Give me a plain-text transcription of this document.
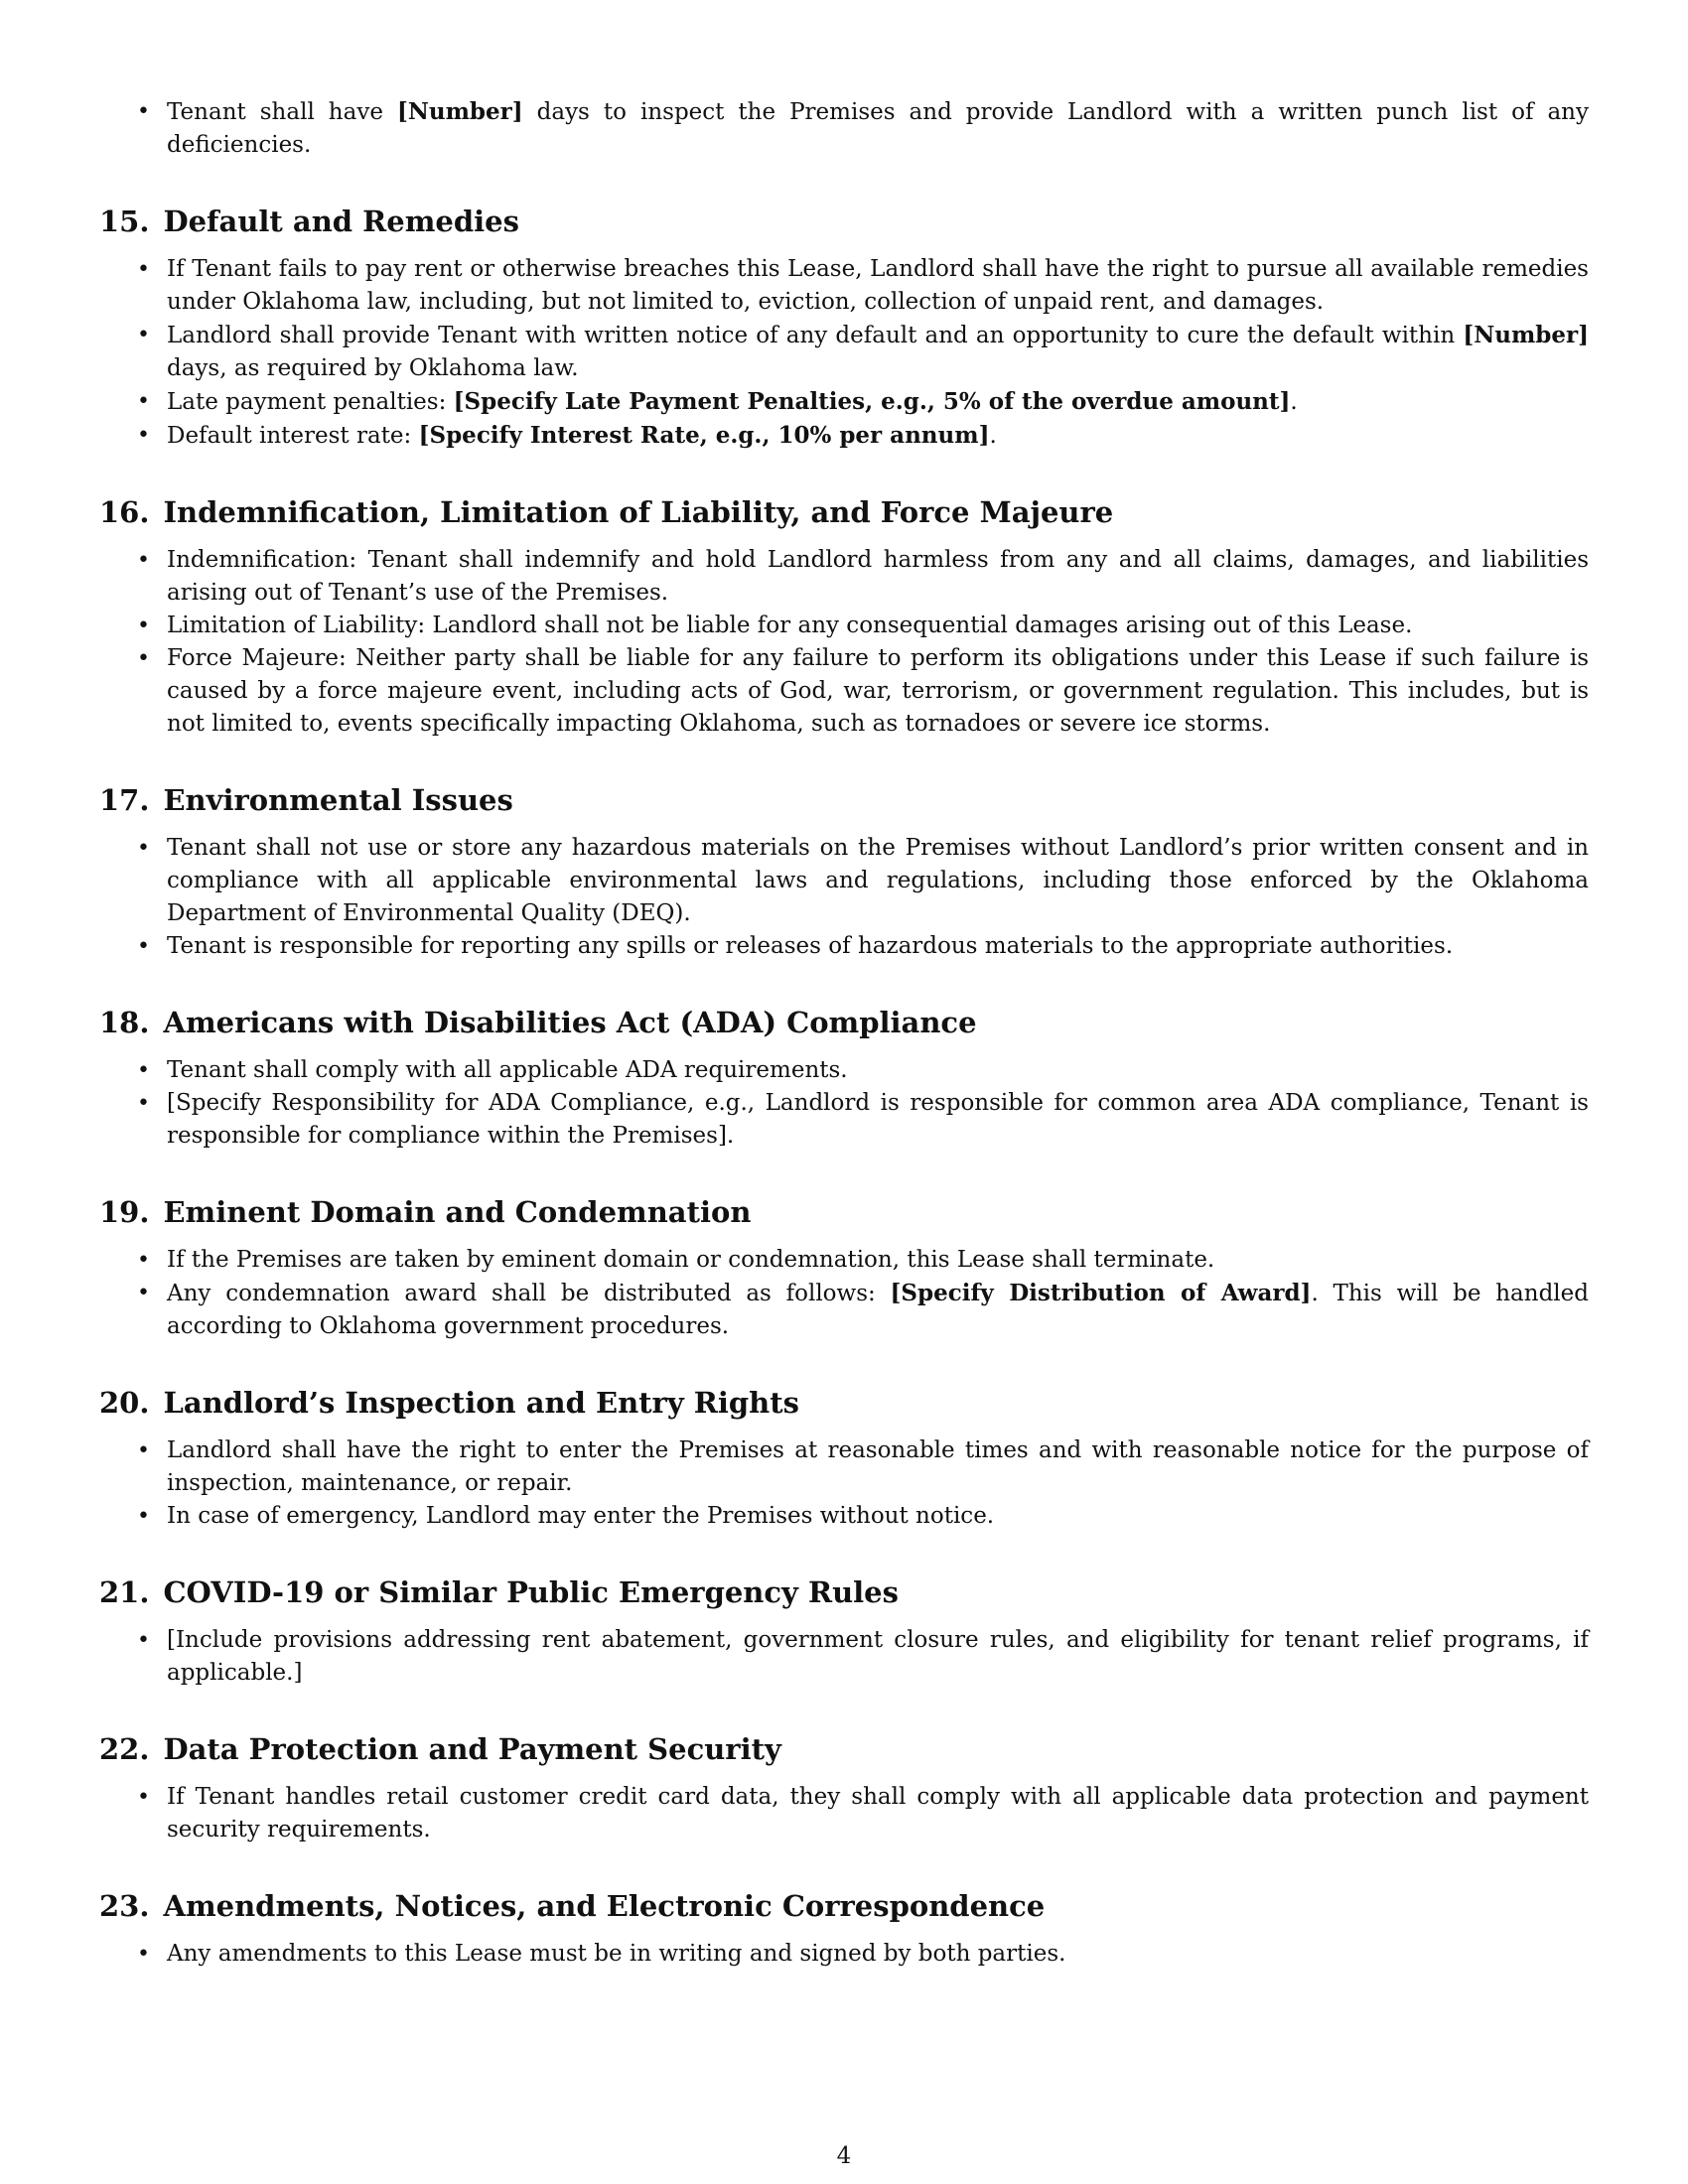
• Tenant shall have [Number] days to inspect the Premises and provide Landlord with a written punch list of any deficiencies.
15. Default and Remedies
• If Tenant fails to pay rent or otherwise breaches this Lease, Landlord shall have the right to pursue all available remedies under Oklahoma law, including, but not limited to, eviction, collection of unpaid rent, and damages.
• Landlord shall provide Tenant with written notice of any default and an opportunity to cure the default within [Number] days, as required by Oklahoma law.
• Late payment penalties: [Specify Late Payment Penalties, e.g., 5% of the overdue amount].
• Default interest rate: [Specify Interest Rate, e.g., 10% per annum].
16. Indemnification, Limitation of Liability, and Force Majeure
• Indemnification: Tenant shall indemnify and hold Landlord harmless from any and all claims, damages, and liabilities arising out of Tenant’s use of the Premises.
• Limitation of Liability: Landlord shall not be liable for any consequential damages arising out of this Lease.
• Force Majeure: Neither party shall be liable for any failure to perform its obligations under this Lease if such failure is caused by a force majeure event, including acts of God, war, terrorism, or government regulation. This includes, but is not limited to, events specifically impacting Oklahoma, such as tornadoes or severe ice storms.
17. Environmental Issues
• Tenant shall not use or store any hazardous materials on the Premises without Landlord’s prior written consent and in compliance with all applicable environmental laws and regulations, including those enforced by the Oklahoma Department of Environmental Quality (DEQ).
• Tenant is responsible for reporting any spills or releases of hazardous materials to the appropriate authorities.
18. Americans with Disabilities Act (ADA) Compliance
• Tenant shall comply with all applicable ADA requirements.
• [Specify Responsibility for ADA Compliance, e.g., Landlord is responsible for common area ADA compliance, Tenant is responsible for compliance within the Premises].
19. Eminent Domain and Condemnation
• If the Premises are taken by eminent domain or condemnation, this Lease shall terminate.
• Any condemnation award shall be distributed as follows: [Specify Distribution of Award]. This will be handled according to Oklahoma government procedures.
20. Landlord’s Inspection and Entry Rights
• Landlord shall have the right to enter the Premises at reasonable times and with reasonable notice for the purpose of inspection, maintenance, or repair.
• In case of emergency, Landlord may enter the Premises without notice.
21. COVID-19 or Similar Public Emergency Rules
• [Include provisions addressing rent abatement, government closure rules, and eligibility for tenant relief programs, if applicable.]
22. Data Protection and Payment Security
• If Tenant handles retail customer credit card data, they shall comply with all applicable data protection and payment security requirements.
23. Amendments, Notices, and Electronic Correspondence
• Any amendments to this Lease must be in writing and signed by both parties.
4
